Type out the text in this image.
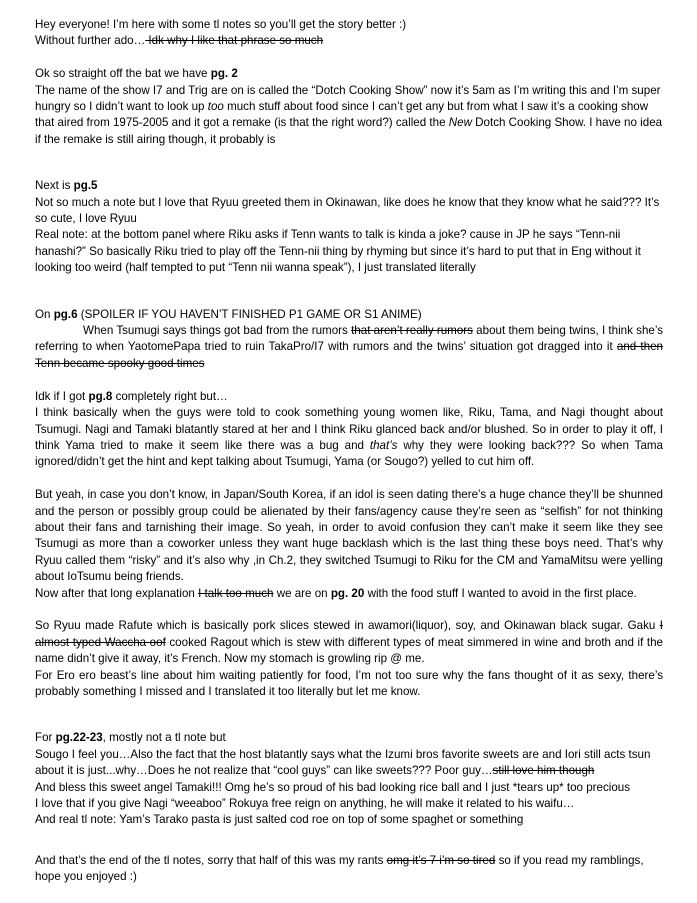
Hey everyone! I’m here with some tl notes so you’ll get the story better :)
Without further ado… Idk why I like that phrase so much

Ok so straight off the bat we have pg. 2
The name of the show I7 and Trig are on is called the “Dotch Cooking Show” now it’s 5am as I’m writing this and I’m super hungry so I didn’t want to look up too much stuff about food since I can’t get any but from what I saw it’s a cooking show that aired from 1975-2005 and it got a remake (is that the right word?) called the New Dotch Cooking Show. I have no idea if the remake is still airing though, it probably is

Next is pg.5
Not so much a note but I love that Ryuu greeted them in Okinawan, like does he know that they know what he said??? It’s so cute, I love Ryuu
Real note: at the bottom panel where Riku asks if Tenn wants to talk is kinda a joke? cause in JP he says “Tenn-nii hanashi?” So basically Riku tried to play off the Tenn-nii thing by rhyming but since it’s hard to put that in Eng without it looking too weird (half tempted to put “Tenn nii wanna speak”), I just translated literally

On pg.6 (SPOILER IF YOU HAVEN’T FINISHED P1 GAME OR S1 ANIME)
When Tsumugi says things got bad from the rumors that aren’t really rumors about them being twins, I think she’s referring to when YaotomePapa tried to ruin TakaPro/I7 with rumors and the twins’ situation got dragged into it and then Tenn became spooky good times

Idk if I got pg.8 completely right but…
I think basically when the guys were told to cook something young women like, Riku, Tama, and Nagi thought about Tsumugi. Nagi and Tamaki blatantly stared at her and I think Riku glanced back and/or blushed. So in order to play it off, I think Yama tried to make it seem like there was a bug and that’s why they were looking back??? So when Tama ignored/didn’t get the hint and kept talking about Tsumugi, Yama (or Sougo?) yelled to cut him off.

But yeah, in case you don’t know, in Japan/South Korea, if an idol is seen dating there’s a huge chance they’ll be shunned and the person or possibly group could be alienated by their fans/agency cause they’re seen as “selfish” for not thinking about their fans and tarnishing their image. So yeah, in order to avoid confusion they can’t make it seem like they see Tsumugi as more than a coworker unless they want huge backlash which is the last thing these boys need. That’s why Ryuu called them “risky” and it’s also why ,in Ch.2, they switched Tsumugi to Riku for the CM and YamaMitsu were yelling about IoTsumu being friends.
Now after that long explanation I talk too much we are on pg. 20 with the food stuff I wanted to avoid in the first place.

So Ryuu made Rafute which is basically pork slices stewed in awamori(liquor), soy, and Okinawan black sugar. Gaku I almost typed Waccha oof cooked Ragout which is stew with different types of meat simmered in wine and broth and if the name didn’t give it away, it’s French. Now my stomach is growling rip @ me.
For Ero ero beast’s line about him waiting patiently for food, I’m not too sure why the fans thought of it as sexy, there’s probably something I missed and I translated it too literally but let me know.

For pg.22-23, mostly not a tl note but
Sougo I feel you…Also the fact that the host blatantly says what the Izumi bros favorite sweets are and Iori still acts tsun about it is just...why…Does he not realize that “cool guys” can like sweets??? Poor guy…still love him though
And bless this sweet angel Tamaki!!! Omg he’s so proud of his bad looking rice ball and I just *tears up* too precious
I love that if you give Nagi “weeaboo” Rokuya free reign on anything, he will make it related to his waifu…
And real tl note: Yam’s Tarako pasta is just salted cod roe on top of some spaghet or something

And that’s the end of the tl notes, sorry that half of this was my rants omg it’s 7 i’m so tired so if you read my ramblings, hope you enjoyed :)
